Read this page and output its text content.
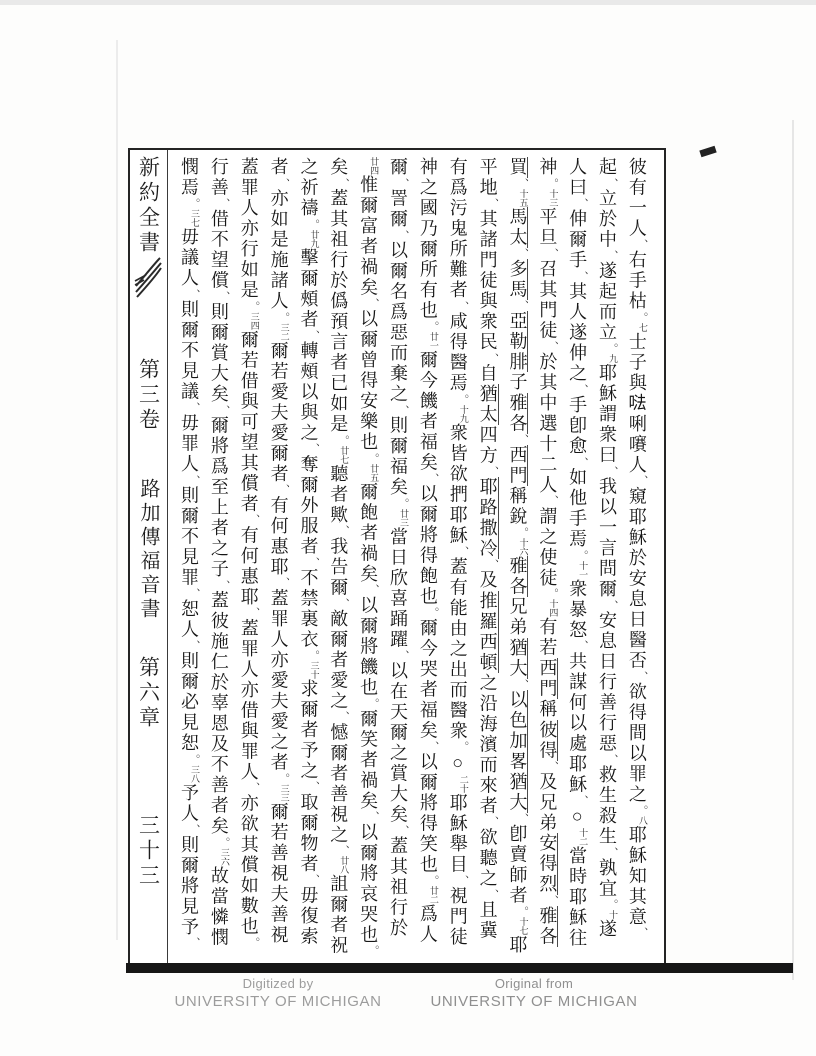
新約全書
第三卷
路加傳福音書
第六章
三十三
彼有一人、右手枯。七士子與𠵽唎㘔人、窺耶穌於安息日醫否、欲得間以罪之。八耶穌知其意、
起、立於中、遂起而立。九耶穌謂衆曰、我以一言問爾、安息日行善行惡、救生殺生、孰宜。十遂
人曰、伸爾手、其人遂伸之、手卽愈、如他手焉。十一衆暴怒、共謀何以處耶穌、○十二當時耶穌往
神。十三平旦、召其門徒、於其中選十二人、謂之使徒。十四有若西門稱彼得、及兄弟安得烈、雅各
買、十五馬太、多馬、亞勒腓子雅各、西門稱銳。十六雅各兄弟猶大、以色加畧猶大、卽賣師者。十七耶
平地、其諸門徒與衆民、自猶太四方、耶路撒冷、及推羅西頓之沿海濱而來者、欲聽之、且冀
有爲污鬼所難者、咸得醫焉。十九衆皆欲捫耶穌、蓋有能由之出而醫衆。○二十耶穌舉目、視門徒
神之國乃爾所有也。廿一爾今饑者福矣、以爾將得飽也。爾今哭者福矣、以爾將得笑也。廿二爲人
爾、詈爾、以爾名爲惡而棄之、則爾福矣。廿三當日欣喜踊躍、以在天爾之賞大矣、蓋其祖行於
廿四惟爾富者禍矣、以爾曾得安樂也。廿五爾飽者禍矣、以爾將饑也。爾笑者禍矣、以爾將哀哭也。
矣、蓋其祖行於僞預言者已如是。廿七聽者歟、我告爾、敵爾者愛之、憾爾者善視之、廿八詛爾者祝
之祈禱。廿九擊爾頰者、轉頰以與之、奪爾外服者、不禁裏衣。三十求爾者予之、取爾物者、毋復索
者、亦如是施諸人。三二爾若愛夫愛爾者、有何惠耶、蓋罪人亦愛夫愛之者。三三爾若善視夫善視
蓋罪人亦行如是。三四爾若借與可望其償者、有何惠耶、蓋罪人亦借與罪人、亦欲其償如數也。
行善、借不望償、則爾賞大矣、爾將爲至上者之子、蓋彼施仁於辜恩及不善者矣。三六故當憐憫
憫焉。三七毋議人、則爾不見議、毋罪人、則爾不見罪、恕人、則爾必見恕。三八予人、則爾將見予、
Digitized by
UNIVERSITY OF MICHIGAN
Original from
UNIVERSITY OF MICHIGAN
